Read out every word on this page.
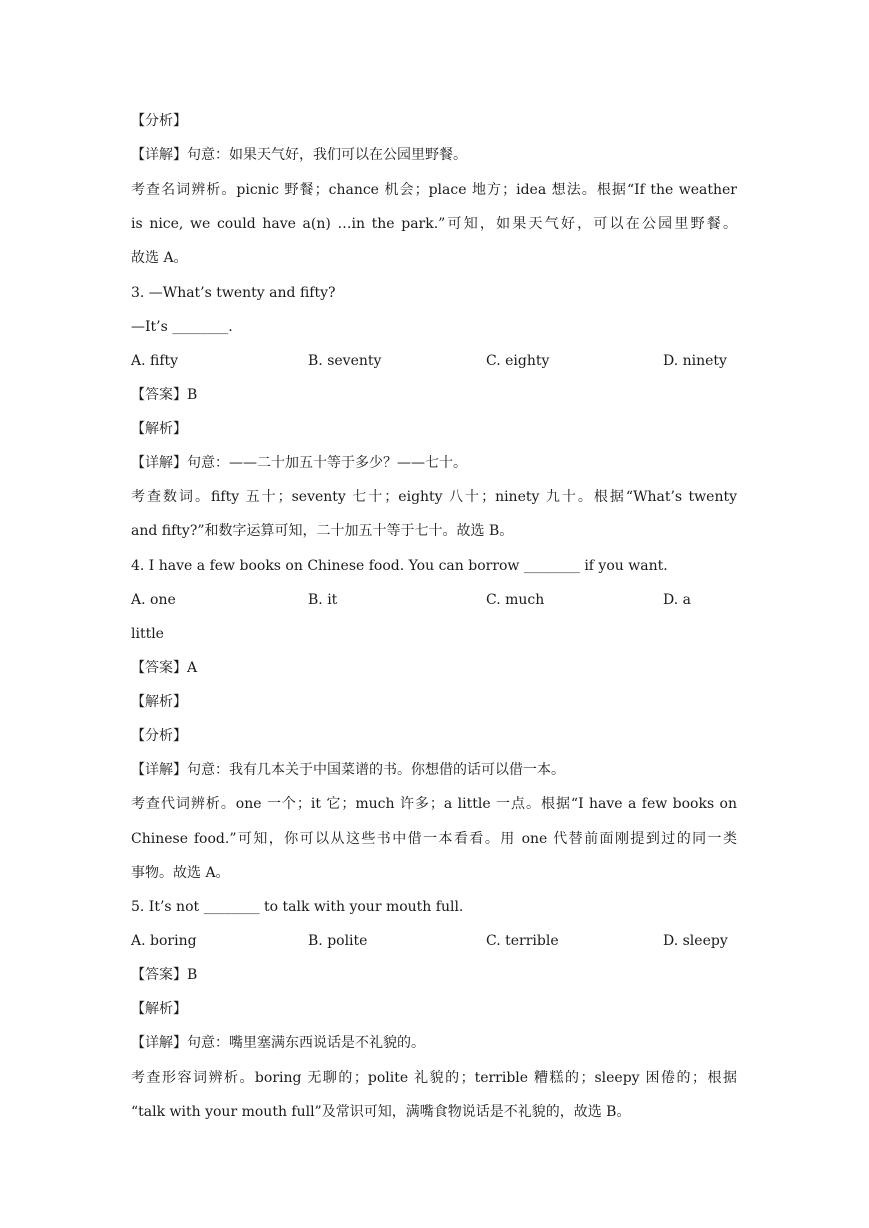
【分析】
【详解】句意：如果天气好，我们可以在公园里野餐。
考查名词辨析。picnic 野餐；chance 机会；place 地方；idea 想法。根据“If the weather
is nice, we could have a(n) …in the park.”可知，如果天气好，可以在公园里野餐。
故选 A。
3. —What’s twenty and fifty?
—It’s ________.
A. fifty	B. seventy	C. eighty	D. ninety
【答案】B
【解析】
【详解】句意：——二十加五十等于多少？——七十。
考查数词。fifty 五十；seventy 七十；eighty 八十；ninety 九十。根据“What’s twenty
and fifty?”和数字运算可知，二十加五十等于七十。故选 B。
4. I have a few books on Chinese food. You can borrow ________ if you want.
A. one	B. it	C. much	D. a
little
【答案】A
【解析】
【分析】
【详解】句意：我有几本关于中国菜谱的书。你想借的话可以借一本。
考查代词辨析。one 一个；it 它；much 许多；a little 一点。根据“I have a few books on
Chinese food.”可知，你可以从这些书中借一本看看。用 one 代替前面刚提到过的同一类
事物。故选 A。
5. It’s not ________ to talk with your mouth full.
A. boring	B. polite	C. terrible	D. sleepy
【答案】B
【解析】
【详解】句意：嘴里塞满东西说话是不礼貌的。
考查形容词辨析。boring 无聊的；polite 礼貌的；terrible 糟糕的；sleepy 困倦的；根据
“talk with your mouth full”及常识可知，满嘴食物说话是不礼貌的，故选 B。
